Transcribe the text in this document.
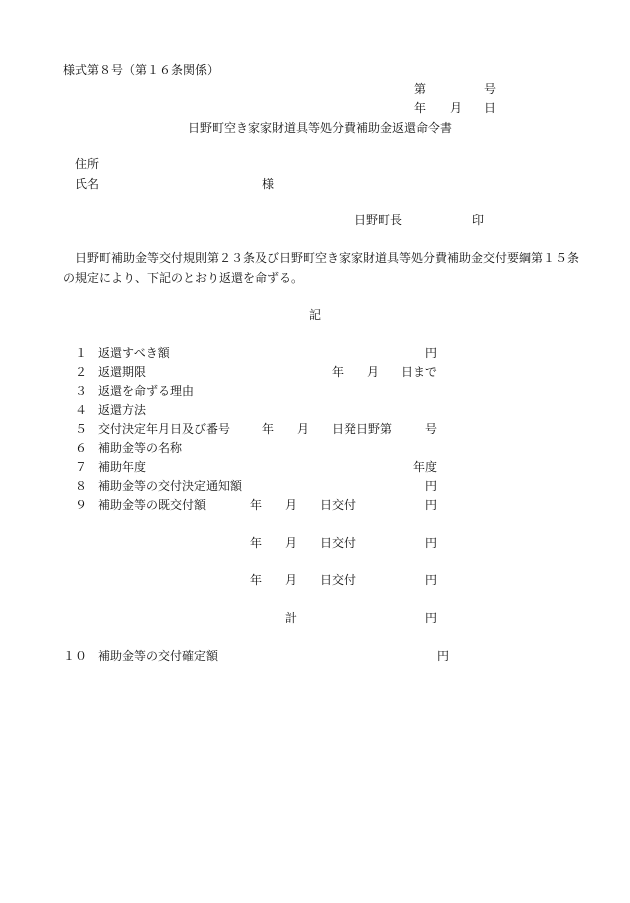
様式第８号（第１６条関係）
第	号
年 月 日
日野町空き家家財道具等処分費補助金返還命令書
住所
氏名	様
日野町長	印
日野町補助金等交付規則第２３条及び日野町空き家家財道具等処分費補助金交付要綱第１５条
の規定により、下記のとおり返還を命ずる。
記
１ 返還すべき額	円
２ 返還期限	年 月 日まで
３ 返還を命ずる理由
４ 返還方法
５ 交付決定年月日及び番号	年 月 日発日野第	号
６ 補助金等の名称
７ 補助年度	年度
８ 補助金等の交付決定通知額	円
９ 補助金等の既交付額	年 月 日交付	円
年 月 日交付	円
年 月 日交付	円
計	円
１０ 補助金等の交付確定額	円
